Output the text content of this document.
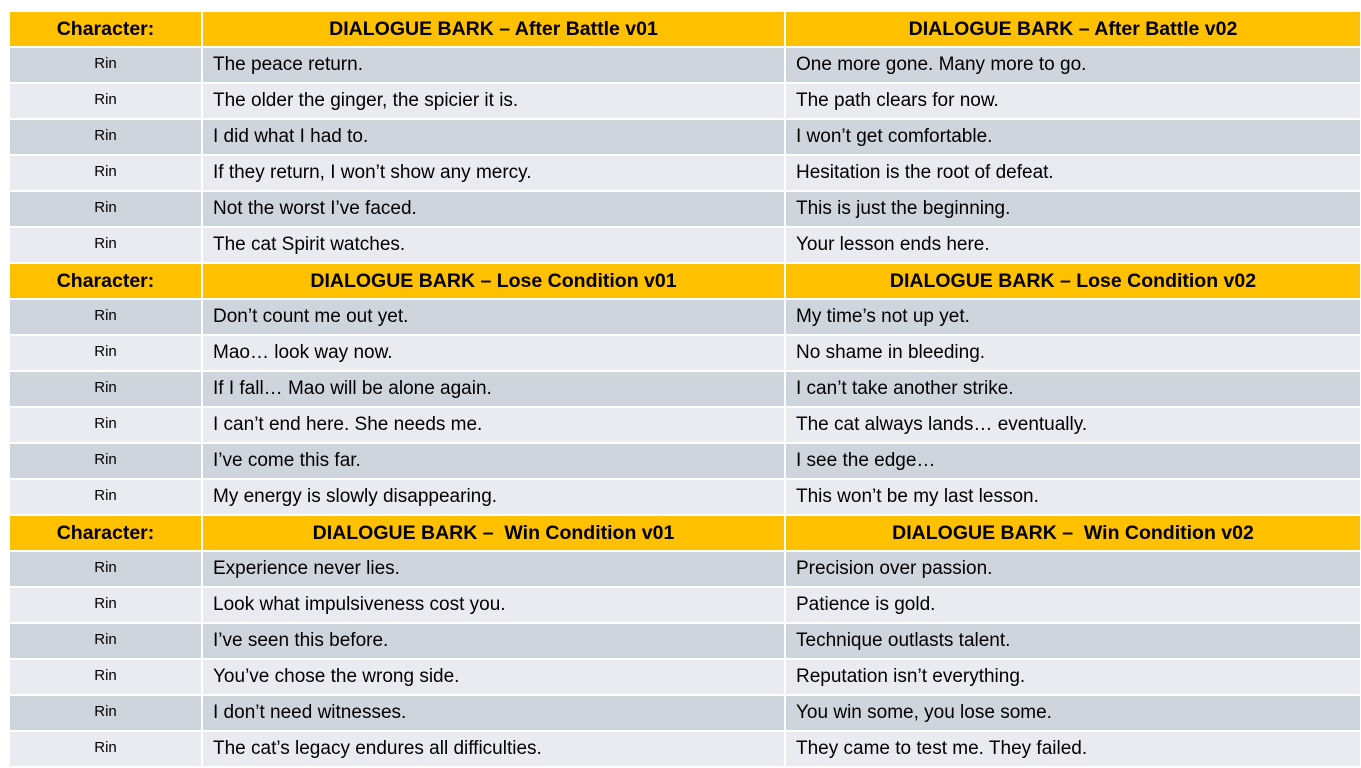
Character:	DIALOGUE BARK – After Battle v01	DIALOGUE BARK – After Battle v02
Rin	The peace return.	One more gone. Many more to go.
Rin	The older the ginger, the spicier it is.	The path clears for now.
Rin	I did what I had to.	I won’t get comfortable.
Rin	If they return, I won’t show any mercy.	Hesitation is the root of defeat.
Rin	Not the worst I’ve faced.	This is just the beginning.
Rin	The cat Spirit watches.	Your lesson ends here.
Character:	DIALOGUE BARK – Lose Condition v01	DIALOGUE BARK – Lose Condition v02
Rin	Don’t count me out yet.	My time’s not up yet.
Rin	Mao… look way now.	No shame in bleeding.
Rin	If I fall… Mao will be alone again.	I can’t take another strike.
Rin	I can’t end here. She needs me.	The cat always lands… eventually.
Rin	I’ve come this far.	I see the edge…
Rin	My energy is slowly disappearing.	This won’t be my last lesson.
Character:	DIALOGUE BARK –  Win Condition v01	DIALOGUE BARK –  Win Condition v02
Rin	Experience never lies.	Precision over passion.
Rin	Look what impulsiveness cost you.	Patience is gold.
Rin	I’ve seen this before.	Technique outlasts talent.
Rin	You’ve chose the wrong side.	Reputation isn’t everything.
Rin	I don’t need witnesses.	You win some, you lose some.
Rin	The cat’s legacy endures all difficulties.	They came to test me. They failed.
